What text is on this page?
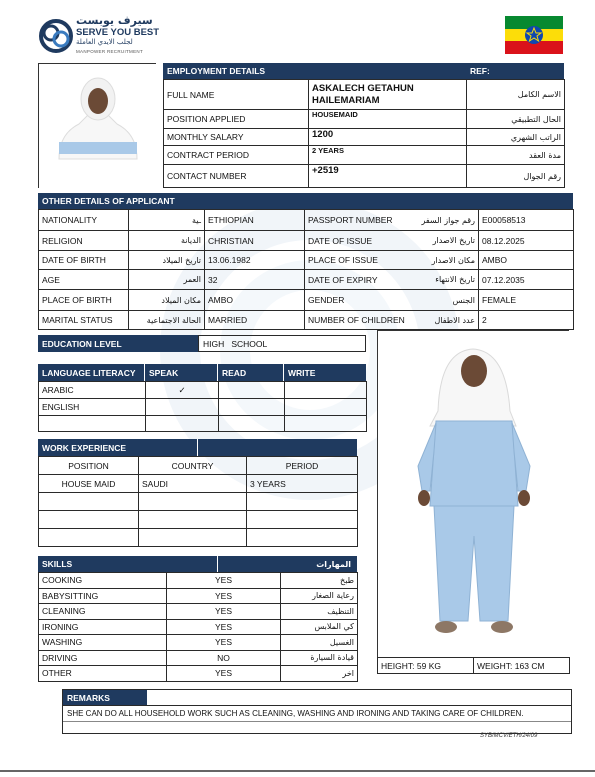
سيرف يوبست
SERVE YOU BEST
لجلب الايدي العاملة
MANPOWER RECRUITMENT
EMPLOYMENT DETAILS	REF:
FULL NAME	ASKALECH GETAHUN HAILEMARIAM	الاسم الكامل
POSITION APPLIED	HOUSEMAID	الحال التطبيقي
MONTHLY SALARY	1200	الراتب الشهري
CONTRACT PERIOD	2 YEARS	مدة العقد
CONTACT NUMBER	+2519	رقم الجوال
OTHER DETAILS OF APPLICANT
NATIONALITY	ـية	ETHIOPIAN	PASSPORT NUMBER	رقم جواز السفر	E00058513
RELIGION	الديانة	CHRISTIAN	DATE OF ISSUE	تاريخ الاصدار	08.12.2025
DATE OF BIRTH	تاريخ الميلاد	13.06.1982	PLACE OF ISSUE	مكان الاصدار	AMBO
AGE	العمر	32	DATE OF EXPIRY	تاريخ الانتهاء	07.12.2035
PLACE OF BIRTH	مكان الميلاد	AMBO	GENDER	الجنس	FEMALE
MARITAL STATUS	الحالة الاجتماعية	MARRIED	NUMBER OF CHILDREN	عدد الاطفال	2
EDUCATION LEVEL	HIGH   SCHOOL
LANGUAGE LITERACY	SPEAK	READ	WRITE
ARABIC	✓		
ENGLISH			

WORK EXPERIENCE
POSITION	COUNTRY	PERIOD
HOUSE MAID	SAUDI	3 YEARS

SKILLS	المهارات
COOKING	YES	طبخ
BABYSITTING	YES	رعاية الصغار
CLEANING	YES	التنظيف
IRONING	YES	كي الملابس
WASHING	YES	الغسيل
DRIVING	NO	قيادة السيارة
OTHER	YES	اخر
HEIGHT: 59 KG	WEIGHT: 163 CM
REMARKS
SHE CAN DO ALL HOUSEHOLD WORK SUCH AS CLEANING, WASHING AND IRONING AND TAKING CARE OF CHILDREN.
SYB/MCV/ETH/24/09
